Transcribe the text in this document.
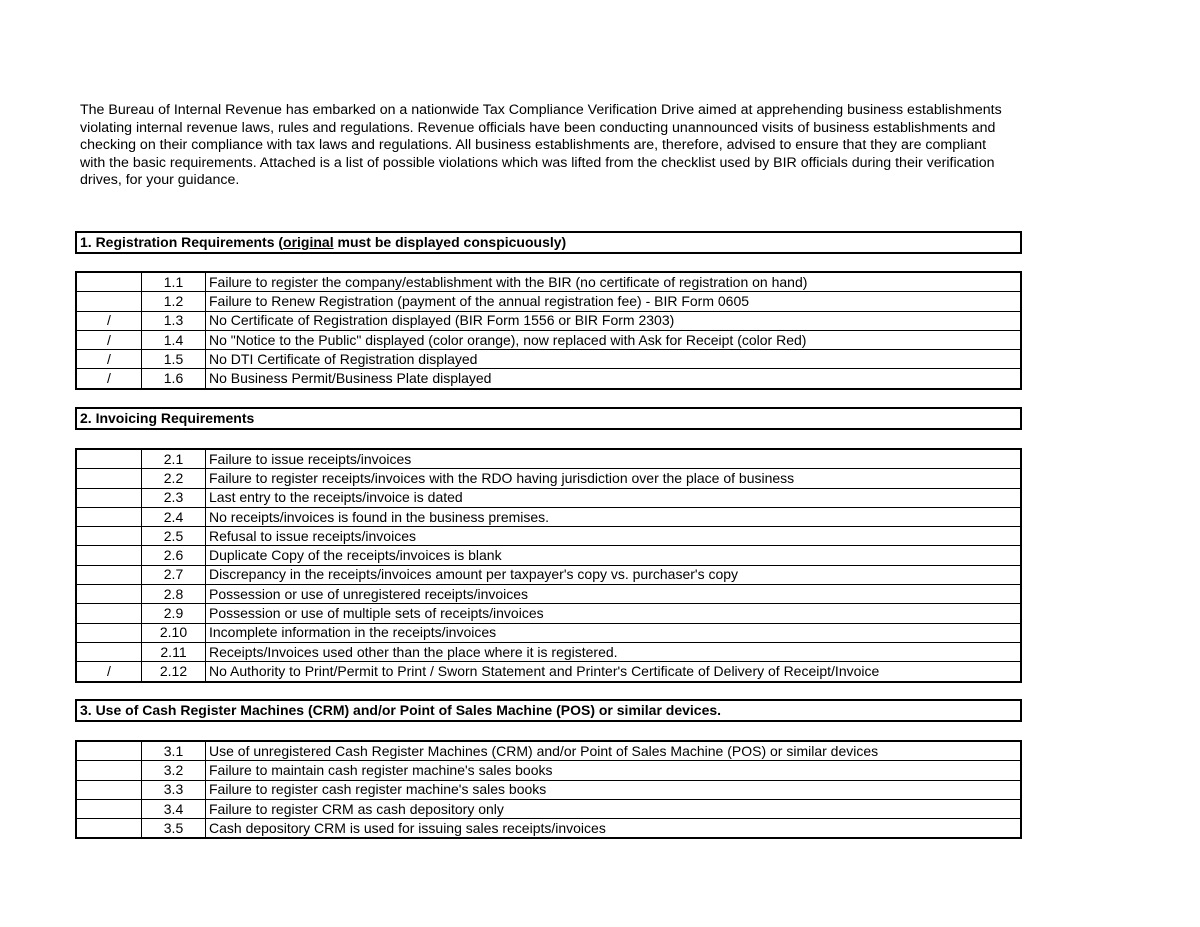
The Bureau of Internal Revenue has embarked on a nationwide Tax Compliance Verification Drive aimed at apprehending business establishments violating internal revenue laws, rules and regulations. Revenue officials have been conducting unannounced visits of business establishments and checking on their compliance with tax laws and regulations. All business establishments are, therefore, advised to ensure that they are compliant with the basic requirements. Attached is a list of possible violations which was lifted from the checklist used by BIR officials during their verification drives, for your guidance.

1. Registration Requirements (original must be displayed conspicuously)
	1.1	Failure to register the company/establishment with the BIR (no certificate of registration on hand)
	1.2	Failure to Renew Registration (payment of the annual registration fee) - BIR Form 0605
/	1.3	No Certificate of Registration displayed (BIR Form 1556 or BIR Form 2303)
/	1.4	No "Notice to the Public" displayed (color orange), now replaced with Ask for Receipt (color Red)
/	1.5	No DTI Certificate of Registration displayed
/	1.6	No Business Permit/Business Plate displayed
2. Invoicing Requirements
	2.1	Failure to issue receipts/invoices
	2.2	Failure to register receipts/invoices with the RDO having jurisdiction over the place of business
	2.3	Last entry to the receipts/invoice is dated
	2.4	No receipts/invoices is found in the business premises.
	2.5	Refusal to issue receipts/invoices
	2.6	Duplicate Copy of the receipts/invoices is blank
	2.7	Discrepancy in the receipts/invoices amount per taxpayer's copy vs. purchaser's copy
	2.8	Possession or use of unregistered receipts/invoices
	2.9	Possession or use of multiple sets of receipts/invoices
	2.10	Incomplete information in the receipts/invoices
	2.11	Receipts/Invoices used other than the place where it is registered.
/	2.12	No Authority to Print/Permit to Print / Sworn Statement and Printer's Certificate of Delivery of Receipt/Invoice
3. Use of Cash Register Machines (CRM) and/or Point of Sales Machine (POS) or similar devices.
	3.1	Use of unregistered Cash Register Machines (CRM) and/or Point of Sales Machine (POS) or similar devices
	3.2	Failure to maintain cash register machine's sales books
	3.3	Failure to register cash register machine's sales books
	3.4	Failure to register CRM as cash depository only
	3.5	Cash depository CRM is used for issuing sales receipts/invoices
